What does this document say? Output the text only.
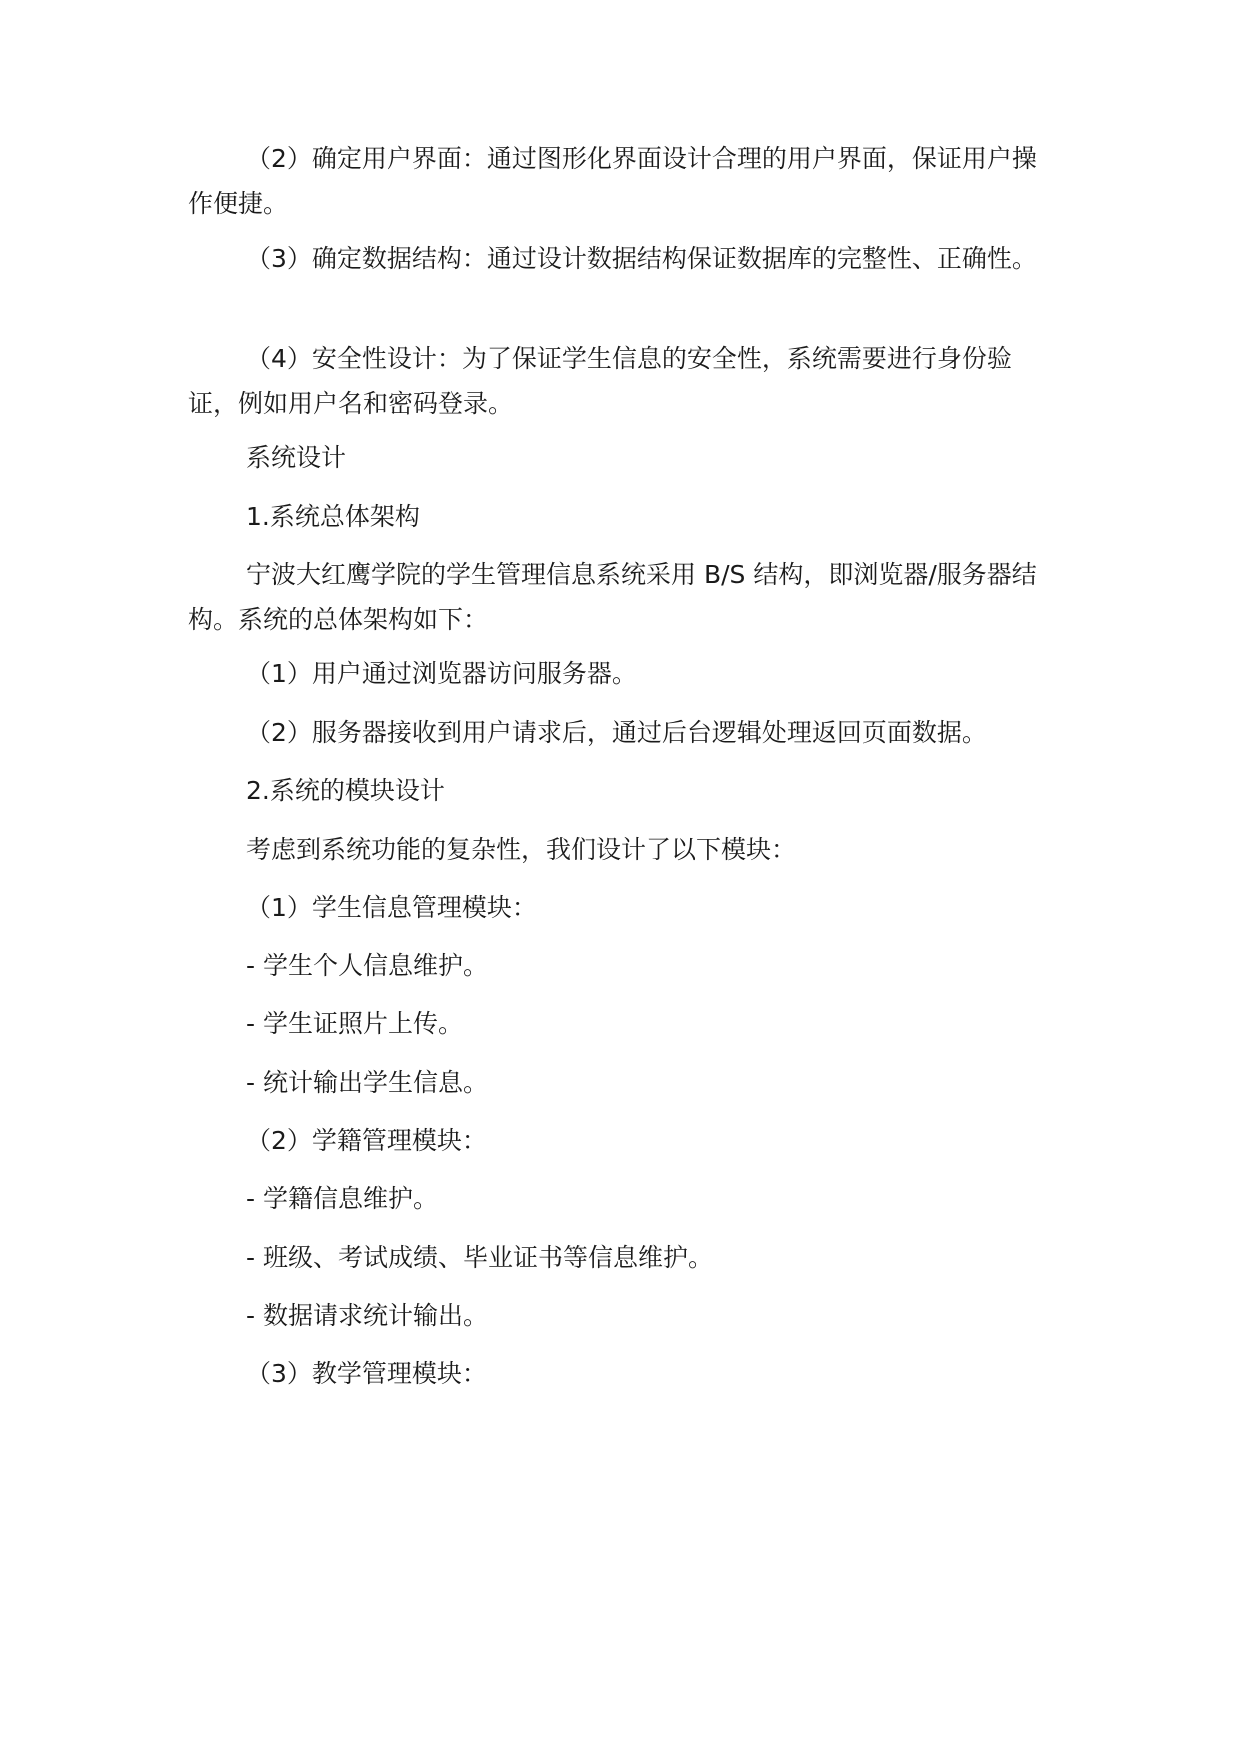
（2）确定用户界面：通过图形化界面设计合理的用户界面，保证用户操作便捷。

（3）确定数据结构：通过设计数据结构保证数据库的完整性、正确性。

（4）安全性设计：为了保证学生信息的安全性，系统需要进行身份验证，例如用户名和密码登录。

系统设计

1.系统总体架构

宁波大红鹰学院的学生管理信息系统采用 B/S 结构，即浏览器/服务器结构。系统的总体架构如下：

（1）用户通过浏览器访问服务器。

（2）服务器接收到用户请求后，通过后台逻辑处理返回页面数据。

2.系统的模块设计

考虑到系统功能的复杂性，我们设计了以下模块：

（1）学生信息管理模块：

- 学生个人信息维护。

- 学生证照片上传。

- 统计输出学生信息。

（2）学籍管理模块：

- 学籍信息维护。

- 班级、考试成绩、毕业证书等信息维护。

- 数据请求统计输出。

（3）教学管理模块：
